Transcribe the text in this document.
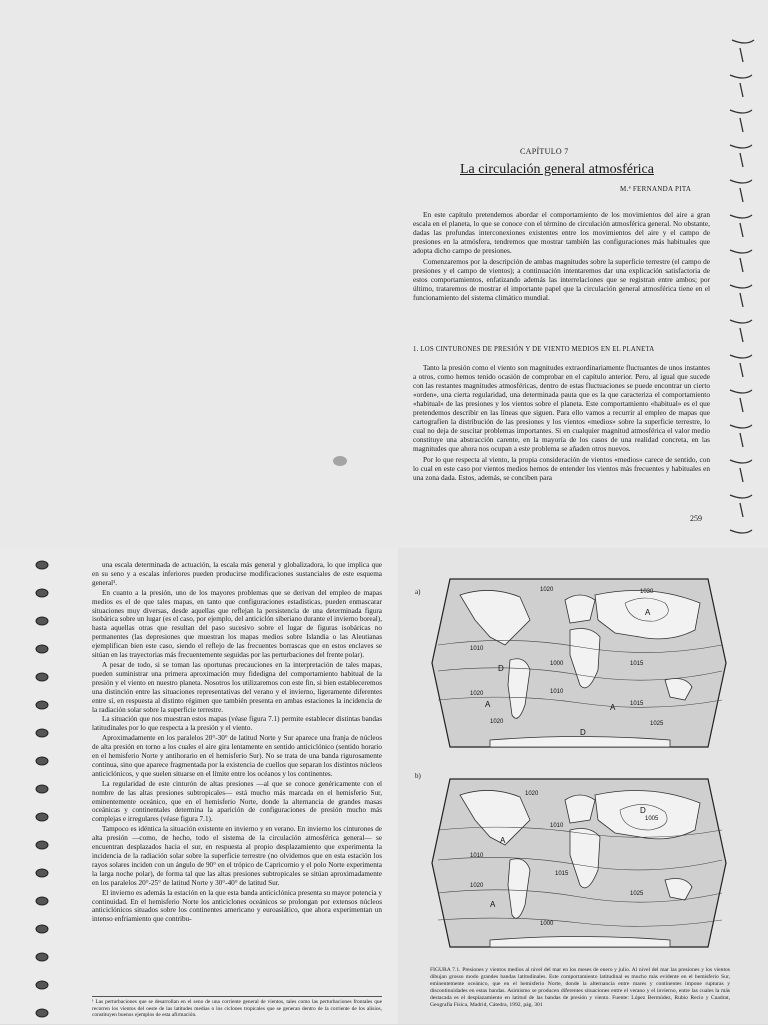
CAPÍTULO 7
La circulación general atmosférica
M.ª FERNANDA PITA

En este capítulo pretendemos abordar el comportamiento de los movimientos del aire a gran escala en el planeta, lo que se conoce con el término de circulación atmosférica general. No obstante, dadas las profundas interconexiones existentes entre los movimientos del aire y el campo de presiones en la atmósfera, tendremos que mostrar también las configuraciones más habituales que adopta dicho campo de presiones.

Comenzaremos por la descripción de ambas magnitudes sobre la superficie terrestre (el campo de presiones y el campo de vientos); a continuación intentaremos dar una explicación satisfactoria de estos comportamientos, enfatizando además las interrelaciones que se registran entre ambos; por último, trataremos de mostrar el importante papel que la circulación general atmosférica tiene en el funcionamiento del sistema climático mundial.

1. LOS CINTURONES DE PRESIÓN Y DE VIENTO MEDIOS EN EL PLANETA

Tanto la presión como el viento son magnitudes extraordinariamente fluctuantes de unos instantes a otros, como hemos tenido ocasión de comprobar en el capítulo anterior. Pero, al igual que sucede con las restantes magnitudes atmosféricas, dentro de estas fluctuaciones se puede encontrar un cierto «orden», una cierta regularidad, una determinada pauta que es la que caracteriza el comportamiento «habitual» de las presiones y los vientos sobre el planeta. Este comportamiento «habitual» es el que pretendemos describir en las líneas que siguen. Para ello vamos a recurrir al empleo de mapas que cartografíen la distribución de las presiones y los vientos «medios» sobre la superficie terrestre, lo cual no deja de suscitar problemas importantes. Si en cualquier magnitud atmosférica el valor medio constituye una abstracción carente, en la mayoría de los casos de una realidad concreta, en las magnitudes que ahora nos ocupan a este problema se añaden otros nuevos.

Por lo que respecta al viento, la propia consideración de vientos «medios» carece de sentido, con lo cual en este caso por vientos medios hemos de entender los vientos más frecuentes y habituales en una zona dada. Estos, además, se conciben para

259

una escala determinada de actuación, la escala más general y globalizadora, lo que implica que en su seno y a escalas inferiores pueden producirse modificaciones sustanciales de este esquema general¹.

En cuanto a la presión, uno de los mayores problemas que se derivan del empleo de mapas medios es el de que tales mapas, en tanto que configuraciones estadísticas, pueden enmascarar situaciones muy diversas, desde aquellas que reflejan la persistencia de una determinada figura isobárica sobre un lugar (es el caso, por ejemplo, del anticiclón siberiano durante el invierno boreal), hasta aquellas otras que resultan del paso sucesivo sobre el lugar de figuras isobáricas no permanentes (las depresiones que muestran los mapas medios sobre Islandia o las Aleutianas ejemplifican bien este caso, siendo el reflejo de las frecuentes borrascas que en estos enclaves se sitúan en las trayectorias más frecuentemente seguidas por las perturbaciones del frente polar).

A pesar de todo, si se toman las oportunas precauciones en la interpretación de tales mapas, pueden suministrar una primera aproximación muy fidedigna del comportamiento habitual de la presión y el viento en nuestro planeta. Nosotros los utilizaremos con este fin, si bien estableceremos una distinción entre las situaciones representativas del verano y el invierno, ligeramente diferentes entre sí, en respuesta al distinto régimen que también presenta en ambas estaciones la incidencia de la radiación solar sobre la superficie terrestre.

La situación que nos muestran estos mapas (véase figura 7.1) permite establecer distintas bandas latitudinales por lo que respecta a la presión y el viento.

Aproximadamente en los paralelos 20°-30° de latitud Norte y Sur aparece una franja de núcleos de alta presión en torno a los cuales el aire gira lentamente en sentido anticiclónico (sentido horario en el hemisferio Norte y antihorario en el hemisferio Sur). No se trata de una banda rigurosamente continua, sino que aparece fragmentada por la existencia de cuellos que separan los distintos núcleos anticiclónicos, y que suelen situarse en el límite entre los océanos y los continentes.

La regularidad de este cinturón de altas presiones —al que se conoce genéricamente con el nombre de las altas presiones subtropicales— está mucho más marcada en el hemisferio Sur, eminentemente oceánico, que en el hemisferio Norte, donde la alternancia de grandes masas oceánicas y continentales determina la aparición de configuraciones de presión mucho más complejas e irregulares (véase figura 7.1).

Tampoco es idéntica la situación existente en invierno y en verano. En invierno los cinturones de alta presión —como, de hecho, todo el sistema de la circulación atmosférica general— se encuentran desplazados hacia el sur, en respuesta al propio desplazamiento que experimenta la incidencia de la radiación solar sobre la superficie terrestre (no olvidemos que en esta estación los rayos solares inciden con un ángulo de 90° en el trópico de Capricornio y el polo Norte experimenta la larga noche polar), de forma tal que las altas presiones subtropicales se sitúan aproximadamente en los paralelos 20°-25° de latitud Norte y 30°-40° de latitud Sur.

El invierno es además la estación en la que esta banda anticiclónica presenta su mayor potencia y continuidad. En el hemisferio Norte los anticiclones oceánicos se prolongan por extensos núcleos anticiclónicos situados sobre los continentes americano y euroasiático, que ahora experimentan un intenso enfriamiento que contribu-

¹ Las perturbaciones que se desarrollan en el seno de una corriente general de vientos, tales como las perturbaciones frontales que recorren los vientos del oeste de las latitudes medias o los ciclones tropicales que se generan dentro de la corriente de los alisios, constituyen buenos ejemplos de esta afirmación.
a)	1020	1030
1010
1000	1015
1020	1010
1015
1020	1025
A
D
A	A
D
b)
1020
1010
1005
1010
1015
1020
1025
1000
A
A
D
FIGURA 7.1. Presiones y vientos medios al nivel del mar en los meses de enero y julio. Al nivel del mar las presiones y los vientos dibujan grosso modo grandes bandas latitudinales. Este comportamiento latitudinal es mucho más evidente en el hemisferio Sur, eminentemente oceánico, que en el hemisferio Norte, donde la alternancia entre mares y continentes impone rupturas y discontinuidades en estas bandas. Asimismo se producen diferentes situaciones entre el verano y el invierno, entre las cuales la más destacada es el desplazamiento en latitud de las bandas de presión y viento. Fuente: López Bermúdez, Rubio Recio y Cuadrat, Geografía Física, Madrid, Cátedra, 1992, pág. 301
